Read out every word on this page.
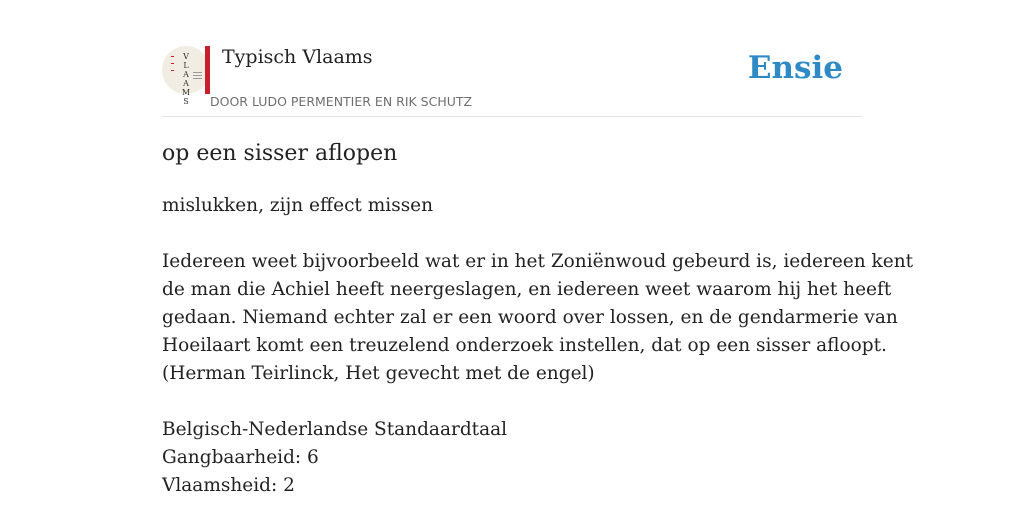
V
L
A
A
M
S
Typisch Vlaams
DOOR LUDO PERMENTIER EN RIK SCHUTZ
Ensie
op een sisser aflopen
mislukken, zijn effect missen
Iedereen weet bijvoorbeeld wat er in het Zoniënwoud gebeurd is, iedereen kent
de man die Achiel heeft neergeslagen, en iedereen weet waarom hij het heeft
gedaan. Niemand echter zal er een woord over lossen, en de gendarmerie van
Hoeilaart komt een treuzelend onderzoek instellen, dat op een sisser afloopt.
(Herman Teirlinck, Het gevecht met de engel)
Belgisch-Nederlandse Standaardtaal
Gangbaarheid: 6
Vlaamsheid: 2
